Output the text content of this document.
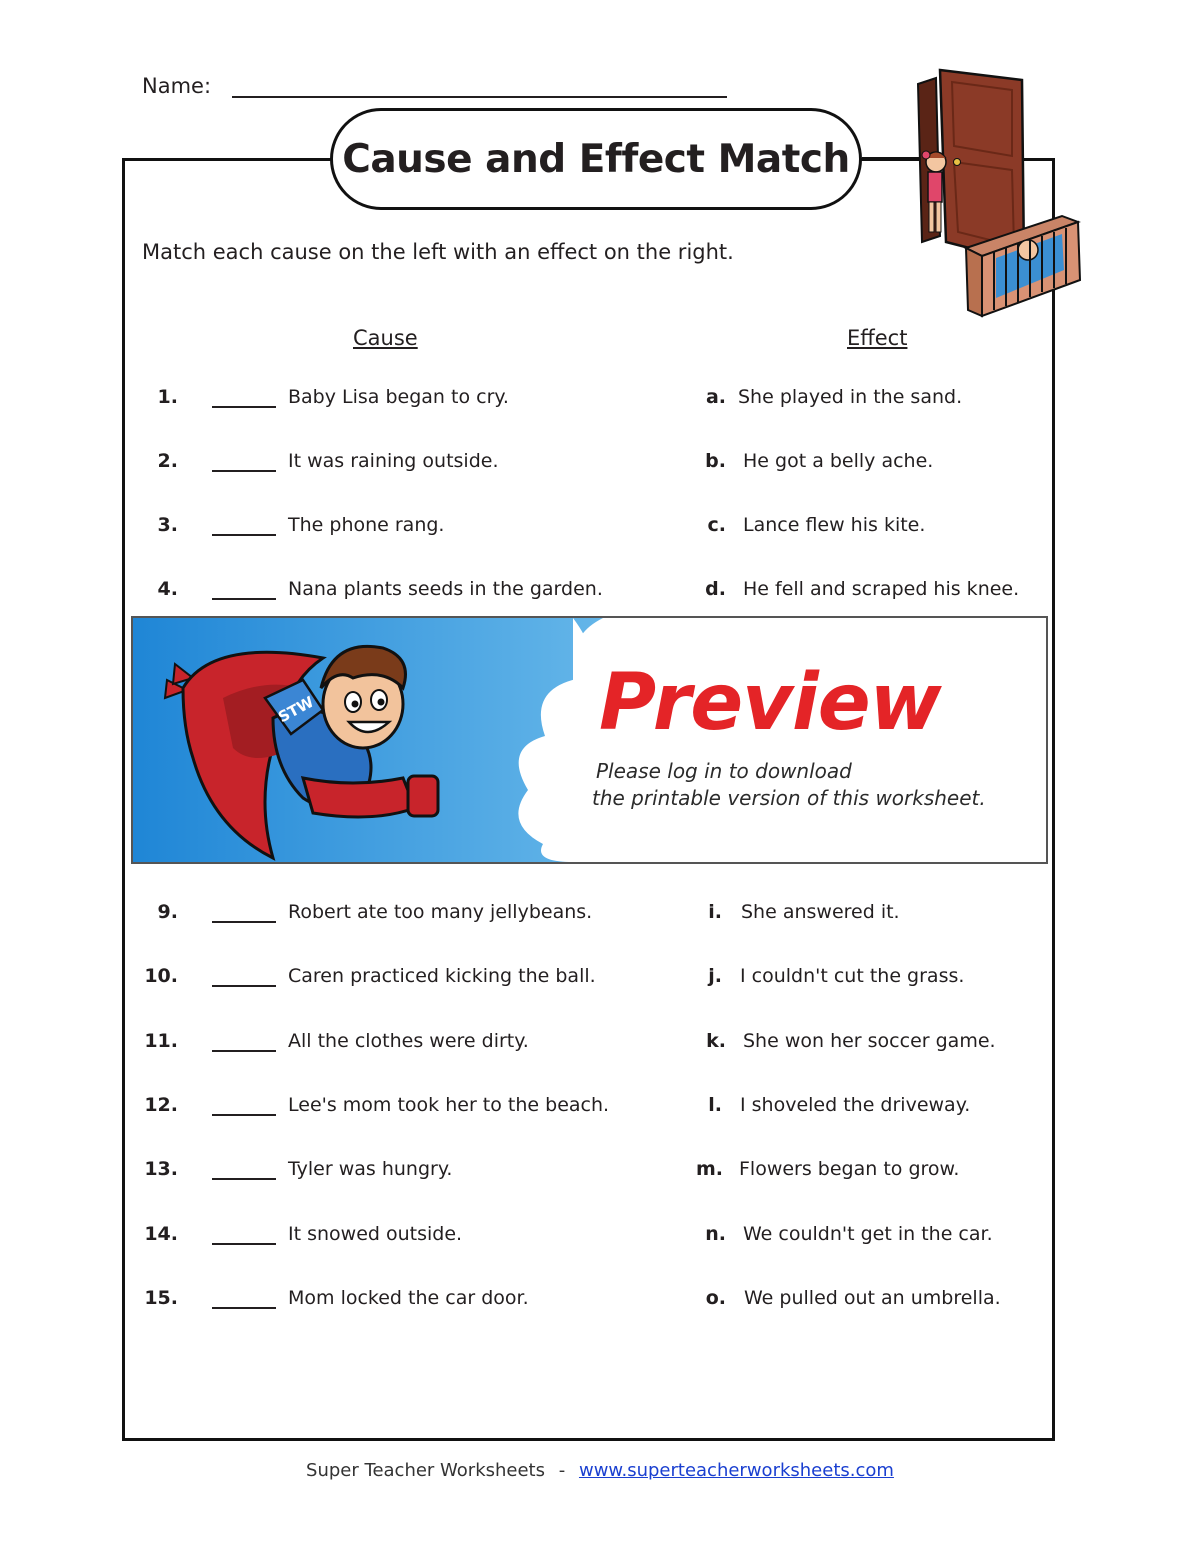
Name:
Cause and Effect Match
Match each cause on the left with an effect on the right.
Cause	Effect
1.	Baby Lisa began to cry.	a. She played in the sand.
2.	It was raining outside.	b. He got a belly ache.
3.	The phone rang.	c. Lance flew his kite.
4.	Nana plants seeds in the garden.	d. He fell and scraped his knee.
STW	Preview
Please log in to download
the printable version of this worksheet.
9.	Robert ate too many jellybeans.	i. She answered it.
10.	Caren practiced kicking the ball.	j. I couldn't cut the grass.
11.	All the clothes were dirty.	k. She won her soccer game.
12.	Lee's mom took her to the beach.	l. I shoveled the driveway.
13.	Tyler was hungry.	m. Flowers began to grow.
14.	It snowed outside.	n. We couldn't get in the car.
15.	Mom locked the car door.	o. We pulled out an umbrella.
Super Teacher Worksheets - www.superteacherworksheets.com
